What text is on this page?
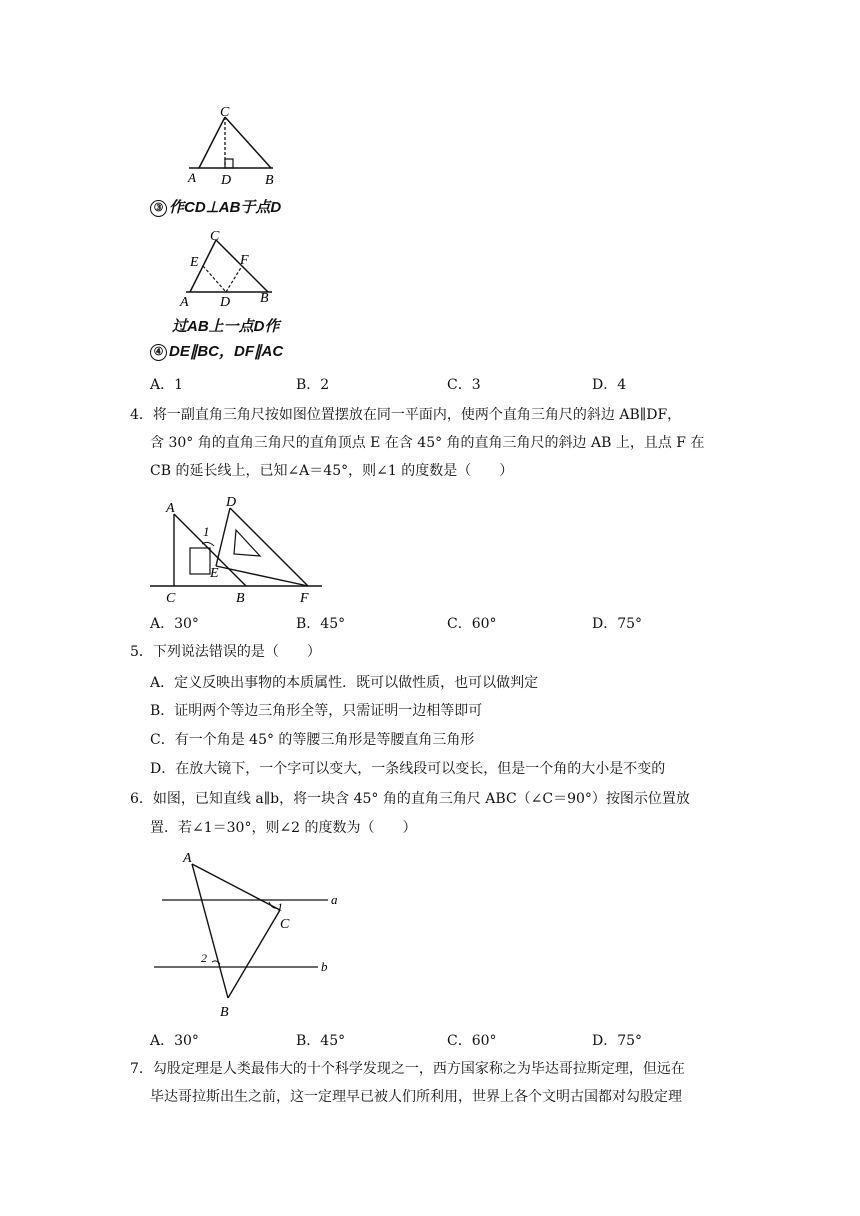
C
A D B
③ 作CD⊥AB于点D
C
E	F
A D B
过AB上一点D作
④ DE∥BC，DF∥AC
A．1	B．2	C．3	D．4
4．将一副直角三角尺按如图位置摆放在同一平面内，使两个直角三角尺的斜边 AB∥DF，
含 30° 角的直角三角尺的直角顶点 E 在含 45° 角的直角三角尺的斜边 AB 上，且点 F 在
CB 的延长线上，已知∠A＝45°，则∠1 的度数是（　　）
A	D
1
E
C	B	F
A．30°	B．45°	C．60°	D．75°
5．下列说法错误的是（　　）
A．定义反映出事物的本质属性．既可以做性质，也可以做判定
B．证明两个等边三角形全等，只需证明一边相等即可
C．有一个角是 45° 的等腰三角形是等腰直角三角形
D．在放大镜下，一个字可以变大，一条线段可以变长，但是一个角的大小是不变的
6．如图，已知直线 a∥b，将一块含 45° 角的直角三角尺 ABC（∠C＝90°）按图示位置放
置．若∠1＝30°，则∠2 的度数为（　　）
A
a
1
C
2
b
B
A．30°	B．45°	C．60°	D．75°
7．勾股定理是人类最伟大的十个科学发现之一，西方国家称之为毕达哥拉斯定理，但远在
毕达哥拉斯出生之前，这一定理早已被人们所利用，世界上各个文明古国都对勾股定理
